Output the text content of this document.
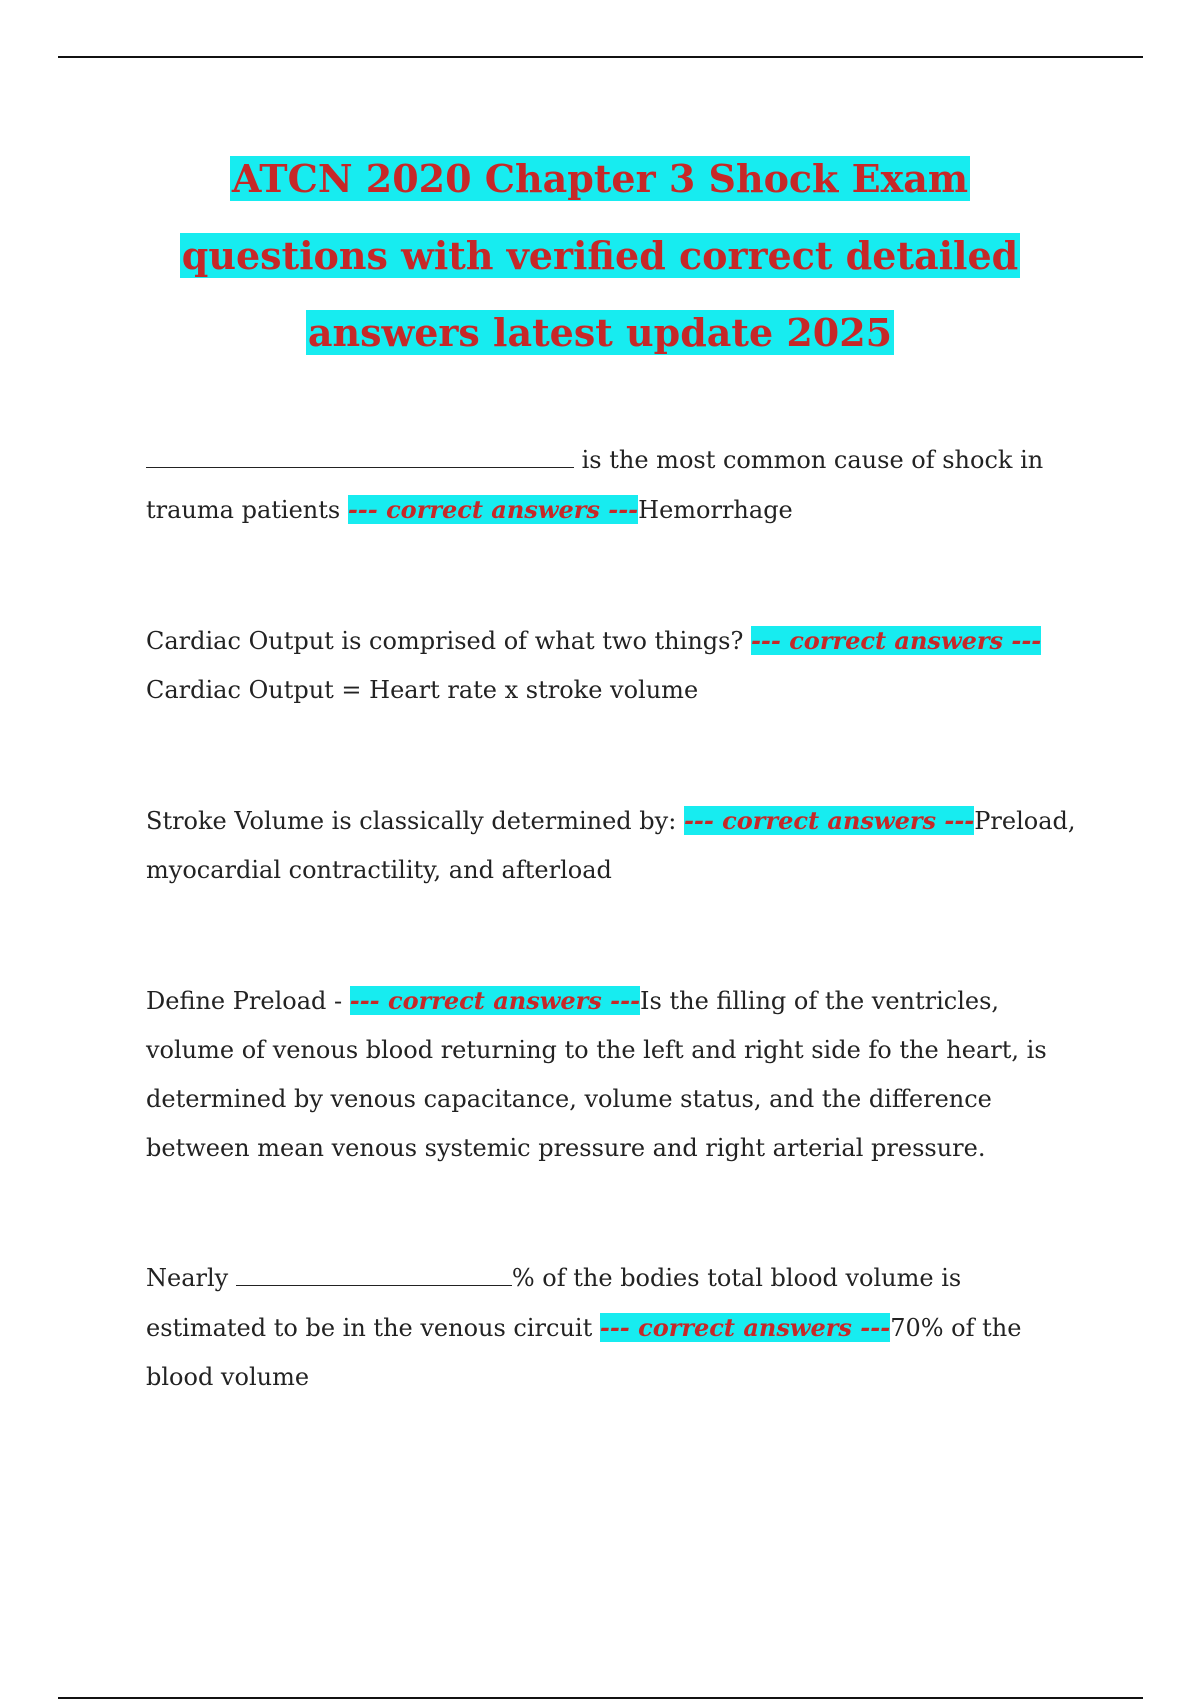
ATCN 2020 Chapter 3 Shock Exam
questions with verified correct detailed
answers latest update 2025

is the most common cause of shock in trauma patients --- correct answers ---Hemorrhage

Cardiac Output is comprised of what two things? --- correct answers ---Cardiac Output = Heart rate x stroke volume

Stroke Volume is classically determined by: --- correct answers ---Preload, myocardial contractility, and afterload

Define Preload - --- correct answers ---Is the filling of the ventricles, volume of venous blood returning to the left and right side fo the heart, is determined by venous capacitance, volume status, and the difference between mean venous systemic pressure and right arterial pressure.

Nearly	% of the bodies total blood volume is estimated to be in the venous circuit --- correct answers ---70% of the blood volume
